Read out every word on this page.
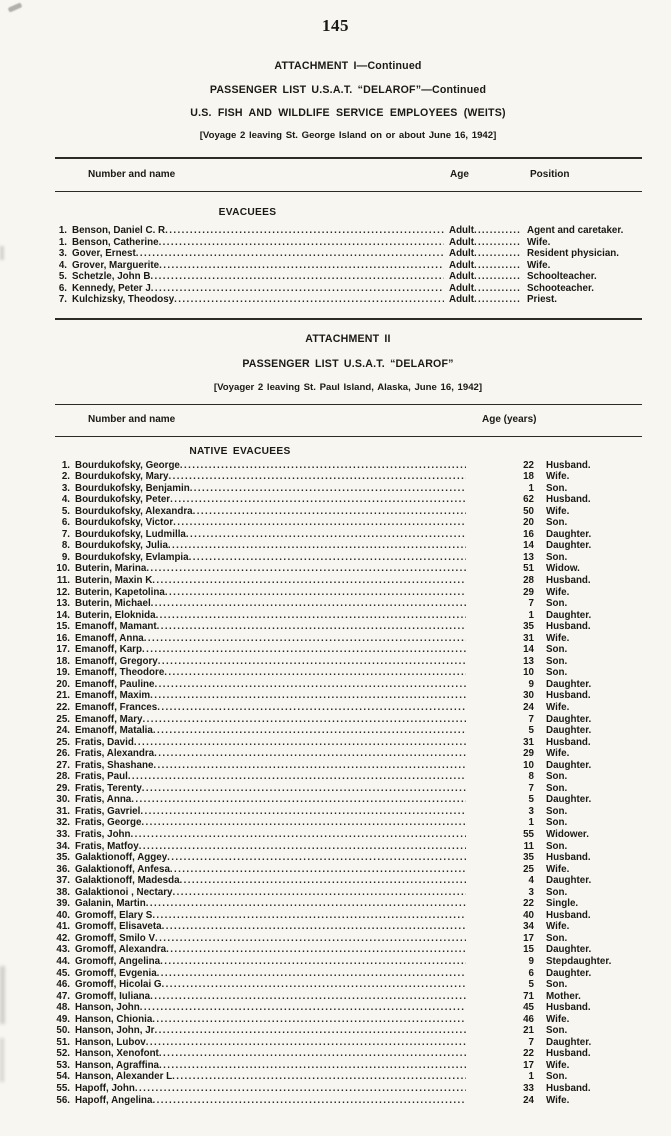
145
ATTACHMENT I—Continued
PASSENGER LIST U.S.A.T. “DELAROF”—Continued
U.S. FISH AND WILDLIFE SERVICE EMPLOYEES (WEITS)
[Voyage 2 leaving St. George Island on or about June 16, 1942]
Number and name	Age	Position
EVACUEES
1. Benson, Daniel C. R .....	Adult .....	Agent and caretaker.
1. Benson, Catherine .....	Adult .....	Wife.
3. Gover, Ernest .....	Adult .....	Resident physician.
4. Grover, Marguerite .....	Adult .....	Wife.
5. Schetzle, John B .....	Adult .....	Schoolteacher.
6. Kennedy, Peter J .....	Adult .....	Schooteacher.
7. Kulchizsky, Theodosy .....	Adult .....	Priest.
ATTACHMENT II
PASSENGER LIST U.S.A.T. “DELAROF”
[Voyager 2 leaving St. Paul Island, Alaska, June 16, 1942]
Number and name	Age (years)
NATIVE EVACUEES
1. Bourdukofsky, George .....	22 Husband.
2. Bourdukofsky, Mary .....	18 Wife.
3. Bourdukofsky, Benjamin .....	1 Son.
4. Bourdukofsky, Peter .....	62 Husband.
5. Bourdukofsky, Alexandra .....	50 Wife.
6. Bourdukofsky, Victor .....	20 Son.
7. Bourdukofsky, Ludmilla .....	16 Daughter.
8. Bourdukofsky, Julia .....	14 Daughter.
9. Bourdukofsky, Evlampia .....	13 Son.
10. Buterin, Marina .....	51 Widow.
11. Buterin, Maxin K .....	28 Husband.
12. Buterin, Kapetolina .....	29 Wife.
13. Buterin, Michael .....	7 Son.
14. Buterin, Eloknida .....	1 Daughter.
15. Emanoff, Mamant .....	35 Husband.
16. Emanoff, Anna .....	31 Wife.
17. Emanoff, Karp .....	14 Son.
18. Emanoff, Gregory .....	13 Son.
19. Emanoff, Theodore .....	10 Son.
20. Emanoff, Pauline .....	9 Daughter.
21. Emanoff, Maxim .....	30 Husband.
22. Emanoff, Frances .....	24 Wife.
25. Emanoff, Mary .....	7 Daughter.
24. Emanoff, Matalia .....	5 Daughter.
25. Fratis, David .....	31 Husband.
26. Fratis, Alexandra .....	29 Wife.
27. Fratis, Shashane .....	10 Daughter.
28. Fratis, Paul .....	8 Son.
29. Fratis, Terenty .....	7 Son.
30. Fratis, Anna .....	5 Daughter.
31. Fratis, Gavriel .....	3 Son.
32. Fratis, George .....	1 Son.
33. Fratis, John .....	55 Widower.
34. Fratis, Matfoy .....	11 Son.
35. Galaktionoff, Aggey .....	35 Husband.
36. Galaktionoff, Anfesa .....	25 Wife.
37. Galaktionoff, Madesda .....	4 Daughter.
38. Galaktionoi , Nectary .....	3 Son.
39. Galanin, Martin .....	22 Single.
40. Gromoff, Elary S .....	40 Husband.
41. Gromoff, Elisaveta .....	34 Wife.
42. Gromoff, Smilo V .....	17 Son.
43. Gromoff, Alexandra .....	15 Daughter.
44. Gromoff, Angelina .....	9 Stepdaughter.
45. Gromoff, Evgenia .....	6 Daughter.
46. Gromoff, Hicolai G .....	5 Son.
47. Gromoff, Iuliana .....	71 Mother.
48. Hanson, John .....	45 Husband.
49. Hanson, Chionia .....	46 Wife.
50. Hanson, John, Jr .....	21 Son.
51. Hanson, Lubov .....	7 Daughter.
52. Hanson, Xenofont .....	22 Husband.
53. Hanson, Agraffina .....	17 Wife.
54. Hanson, Alexander L .....	1 Son.
55. Hapoff, John .....	33 Husband.
56. Hapoff, Angelina .....	24 Wife.
